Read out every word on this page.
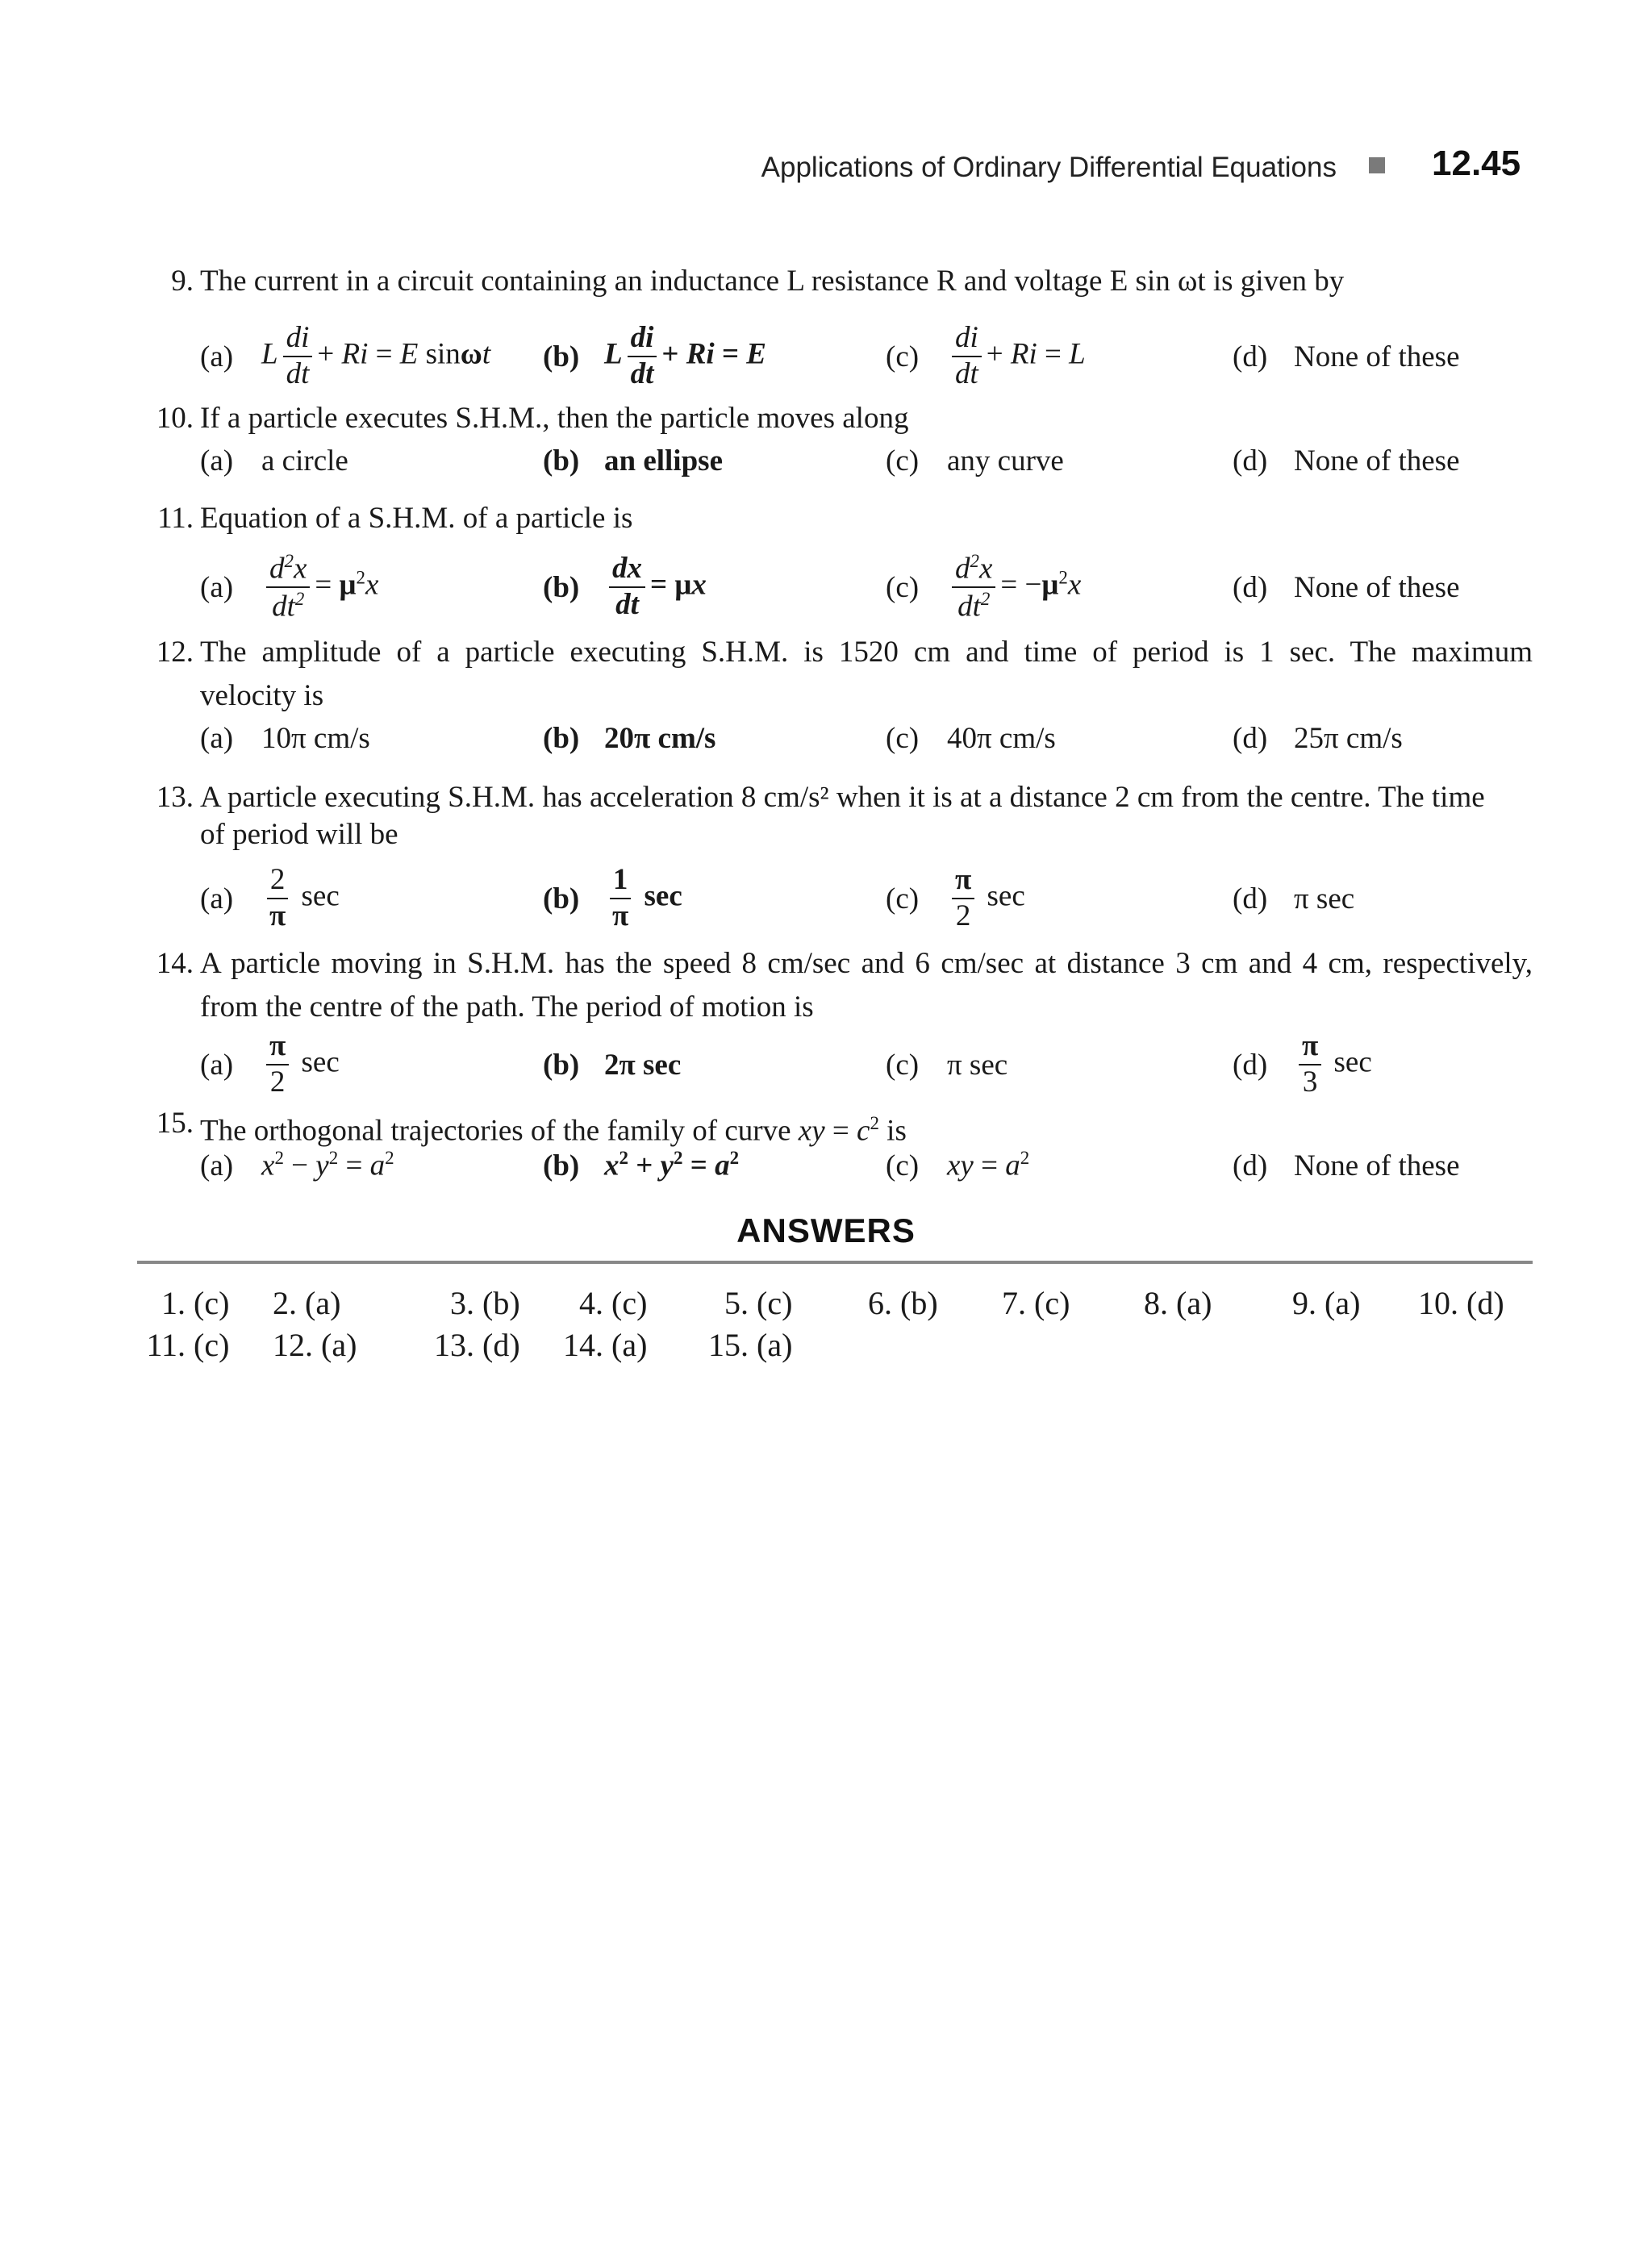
Applications of Ordinary Differential Equations	12.45
9. The current in a circuit containing an inductance L resistance R and voltage E sin ωt is given by
(a) L $\frac{di}{dt} + Ri = E$ sinωt (b) L $\frac{di}{dt} + Ri = E$	(c)	$\frac{di}{dt} + Ri = L$	(d) None of these
10. If a particle executes S.H.M., then the particle moves along
(a) a circle	(b) an ellipse	(c) any curve	(d) None of these
11. Equation of a S.H.M. of a particle is
(a)	$\frac{d^2x}{dt^2} = \mu^2x$	$(b) \frac{dx}{dt} = \mu x$	(c)	$\frac{d^2x}{dt^2} = -\mu^2x$	(d) None of these
12. The amplitude of a particle executing S.H.M. is 1520 cm and time of period is 1 sec. The maximum
velocity is
(a) 10π cm/s	(b) 20π cm/s	(c) 40π cm/s	(d) 25π cm/s
13. A particle executing S.H.M. has acceleration 8 cm/s² when it is at a distance 2 cm from the centre. The time
of period will be
(a)	$\frac{2}{\pi}$ sec	$(b) \frac{1}{\pi}$ sec	(c)	$\frac{\pi}{2}$ sec	(d) π sec
14. A particle moving in S.H.M. has the speed 8 cm/sec and 6 cm/sec at distance 3 cm and 4 cm, respectively,
from the centre of the path. The period of motion is
(a)	$\frac{\pi}{2}$ sec	(b) 2π sec	(c) π sec	(d)	$\frac{\pi}{3}$ sec
15. The orthogonal trajectories of the family of curve xy = $c^2$ is
(a) $x^2 - y^2 = a^2$	(b) $x^2 + y^2 = a^2$	(c) xy = $a^2$	(d) None of these
ANSWERS
1. (c) 2. (a)	3. (b) 4. (c) 5. (c) 6. (b) 7. (c) 8. (a) 9. (a) 10. (d)
11. (c) 12. (a) 13. (d) 14. (a) 15. (a)
